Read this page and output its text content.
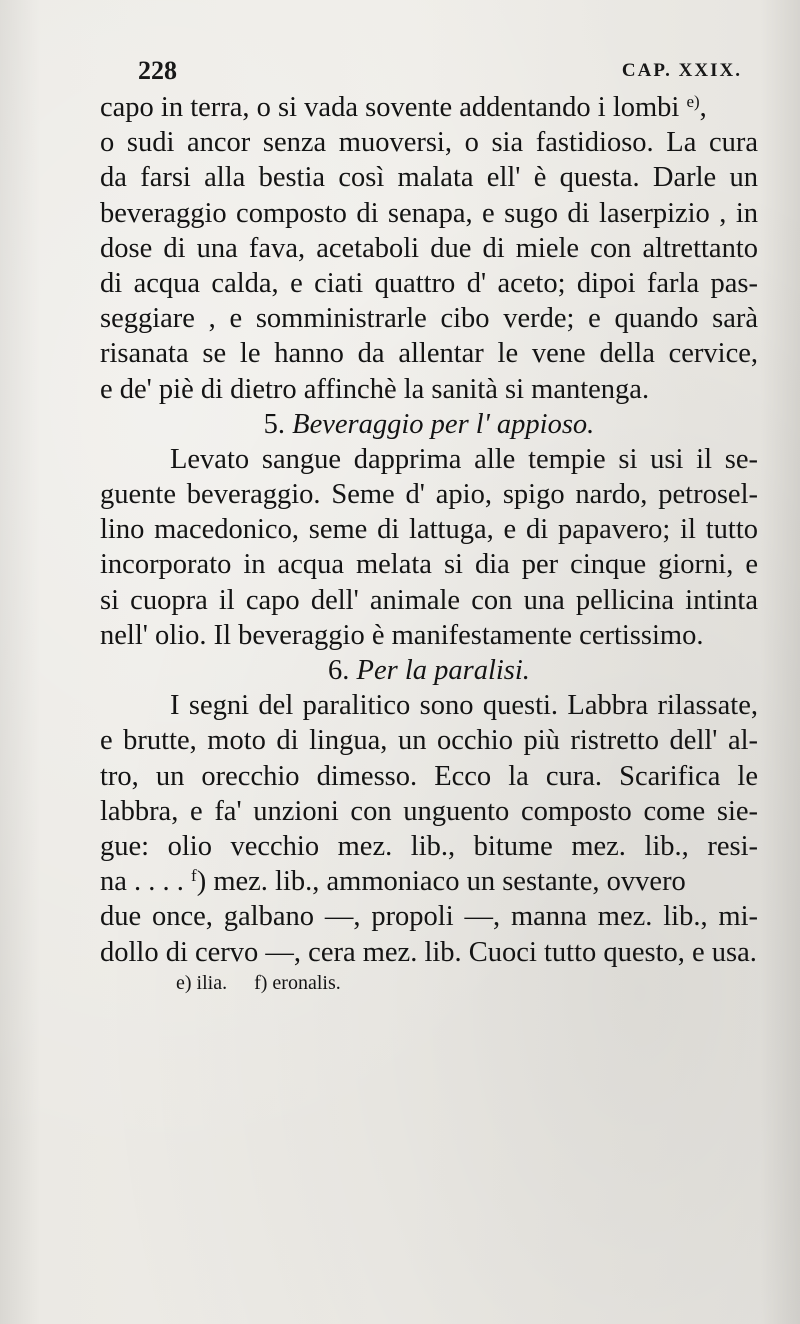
228	CAP. XXIX.
capo in terra, o si vada sovente addentando i lombi $^{e)}$,
o sudi ancor senza muoversi, o sia fastidioso. La cura
da farsi alla bestia così malata ell' è questa. Darle un
beveraggio composto di senapa, e sugo di laserpizio , in
dose di una fava, acetaboli due di miele con altrettanto
di acqua calda, e ciati quattro d' aceto; dipoi farla pas-
seggiare , e somministrarle cibo verde; e quando sarà
risanata se le hanno da allentar le vene della cervice,
e de' piè di dietro affinchè la sanità si mantenga.
5. Beveraggio per l' appioso.
Levato sangue dapprima alle tempie si usi il se-
guente beveraggio. Seme d' apio, spigo nardo, petrosel-
lino macedonico, seme di lattuga, e di papavero; il tutto
incorporato in acqua melata si dia per cinque giorni, e
si cuopra il capo dell' animale con una pellicina intinta
nell' olio. Il beveraggio è manifestamente certissimo.
6. Per la paralisi.
I segni del paralitico sono questi. Labbra rilassate,
e brutte, moto di lingua, un occhio più ristretto dell' al-
tro, un orecchio dimesso. Ecco la cura. Scarifica le
labbra, e fa' unzioni con unguento composto come sie-
gue: olio vecchio mez. lib., bitume mez. lib., resi-
na . . . . $^f$) mez. lib., ammoniaco un sestante, ovvero
due once, galbano —, propoli —, manna mez. lib., mi-
dollo di cervo —, cera mez. lib. Cuoci tutto questo, e usa.
e) ilia. f) eronalis.
